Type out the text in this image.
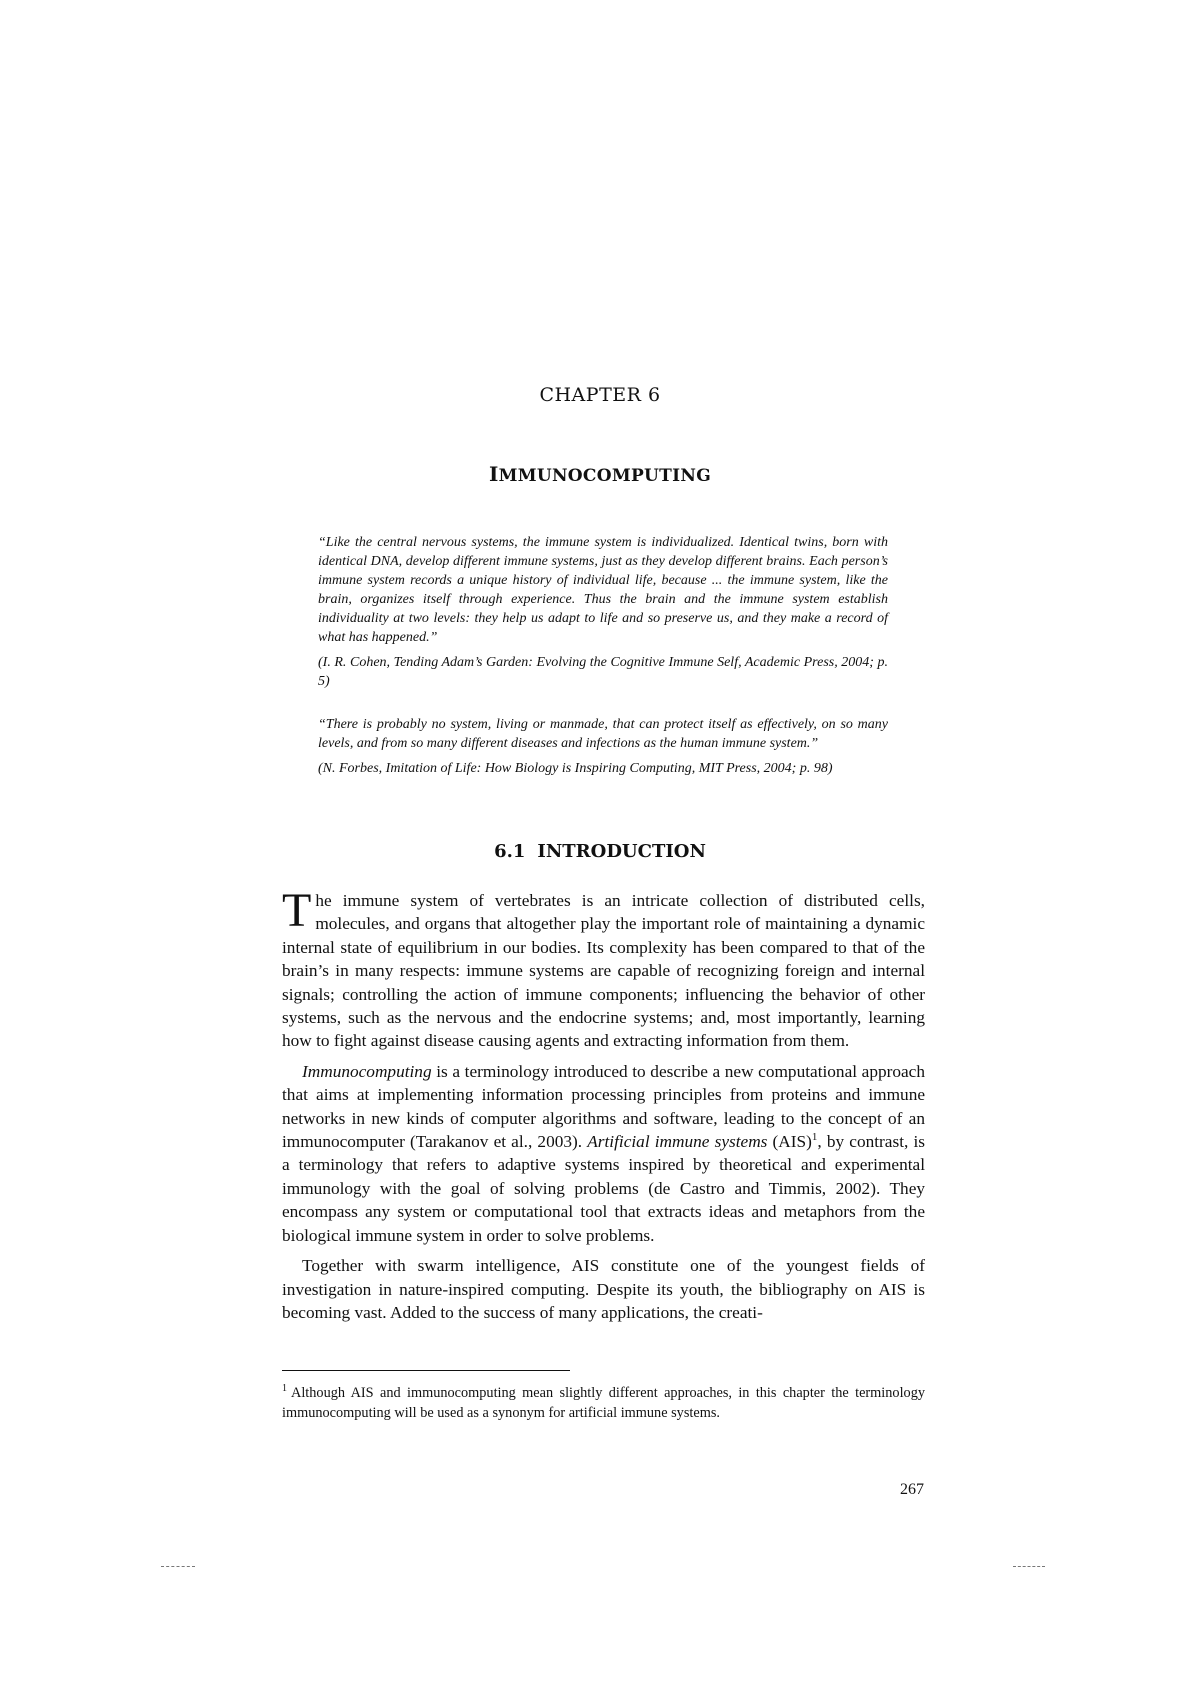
CHAPTER 6
IMMUNOCOMPUTING

“Like the central nervous systems, the immune system is individualized. Identical twins, born with identical DNA, develop different immune systems, just as they develop different brains. Each person’s immune system records a unique history of individual life, because ... the immune system, like the brain, organizes itself through experience. Thus the brain and the immune system establish individuality at two levels: they help us adapt to life and so preserve us, and they make a record of what has happened.”

(I. R. Cohen, Tending Adam’s Garden: Evolving the Cognitive Immune Self, Academic Press, 2004; p. 5)

“There is probably no system, living or manmade, that can protect itself as effectively, on so many levels, and from so many different diseases and infections as the human immune system.”

(N. Forbes, Imitation of Life: How Biology is Inspiring Computing, MIT Press, 2004; p. 98)

6.1 INTRODUCTION

The immune system of vertebrates is an intricate collection of distributed cells, molecules, and organs that altogether play the important role of maintaining a dynamic internal state of equilibrium in our bodies. Its complexity has been compared to that of the brain’s in many respects: immune systems are capable of recognizing foreign and internal signals; controlling the action of immune components; influencing the behavior of other systems, such as the nervous and the endocrine systems; and, most importantly, learning how to fight against disease causing agents and extracting information from them.

Immunocomputing is a terminology introduced to describe a new computational approach that aims at implementing information processing principles from proteins and immune networks in new kinds of computer algorithms and software, leading to the concept of an immunocomputer (Tarakanov et al., 2003). Artificial immune systems (AIS)$^1$, by contrast, is a terminology that refers to adaptive systems inspired by theoretical and experimental immunology with the goal of solving problems (de Castro and Timmis, 2002). They encompass any system or computational tool that extracts ideas and metaphors from the biological immune system in order to solve problems.

Together with swarm intelligence, AIS constitute one of the youngest fields of investigation in nature-inspired computing. Despite its youth, the bibliography on AIS is becoming vast. Added to the success of many applications, the creati-

$^1$ Although AIS and immunocomputing mean slightly different approaches, in this chapter the terminology immunocomputing will be used as a synonym for artificial immune systems.
267
